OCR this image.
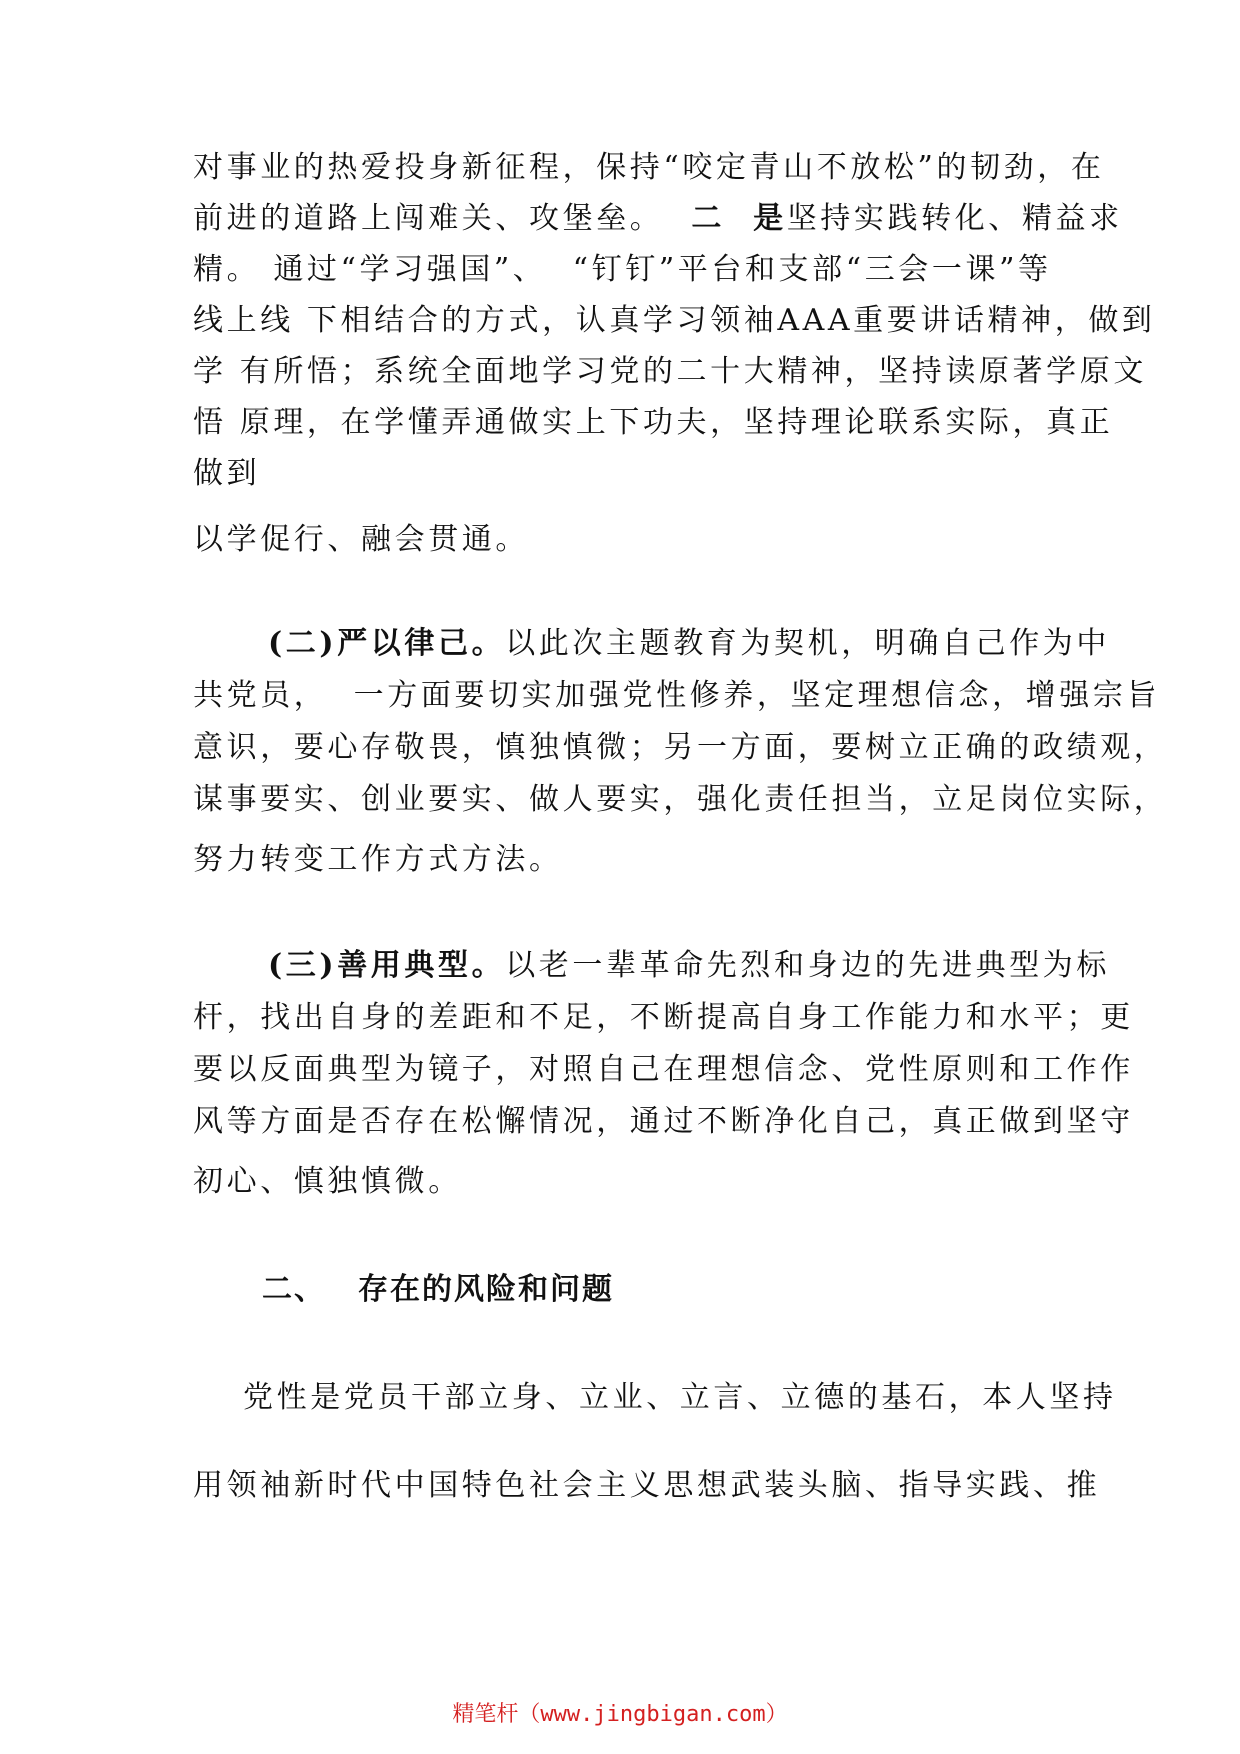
对事业的热爱投身新征程，保持“咬定青山不放松”的韧劲，在
前进的道路上闯难关、攻堡垒。 二  是坚持实践转化、精益求
精。 通过“学习强国”、  “钉钉”平台和支部“三会一课”等
线上线 下相结合的方式，认真学习领袖AAA重要讲话精神，做到
学 有所悟；系统全面地学习党的二十大精神，坚持读原著学原文
悟 原理，在学懂弄通做实上下功夫，坚持理论联系实际，真正
做到
以学促行、融会贯通。
(二)严以律己。以此次主题教育为契机，明确自己作为中
共党员，  一方面要切实加强党性修养，坚定理想信念，增强宗旨
意识，要心存敬畏，慎独慎微；另一方面，要树立正确的政绩观，
谋事要实、创业要实、做人要实，强化责任担当，立足岗位实际，
努力转变工作方式方法。
(三)善用典型。以老一辈革命先烈和身边的先进典型为标
杆，找出自身的差距和不足，不断提高自身工作能力和水平；更
要以反面典型为镜子，对照自己在理想信念、党性原则和工作作
风等方面是否存在松懈情况，通过不断净化自己，真正做到坚守
初心、慎独慎微。
二、 存在的风险和问题
党性是党员干部立身、立业、立言、立德的基石，本人坚持
用领袖新时代中国特色社会主义思想武装头脑、指导实践、推
精笔杆（www.jingbigan.com）
